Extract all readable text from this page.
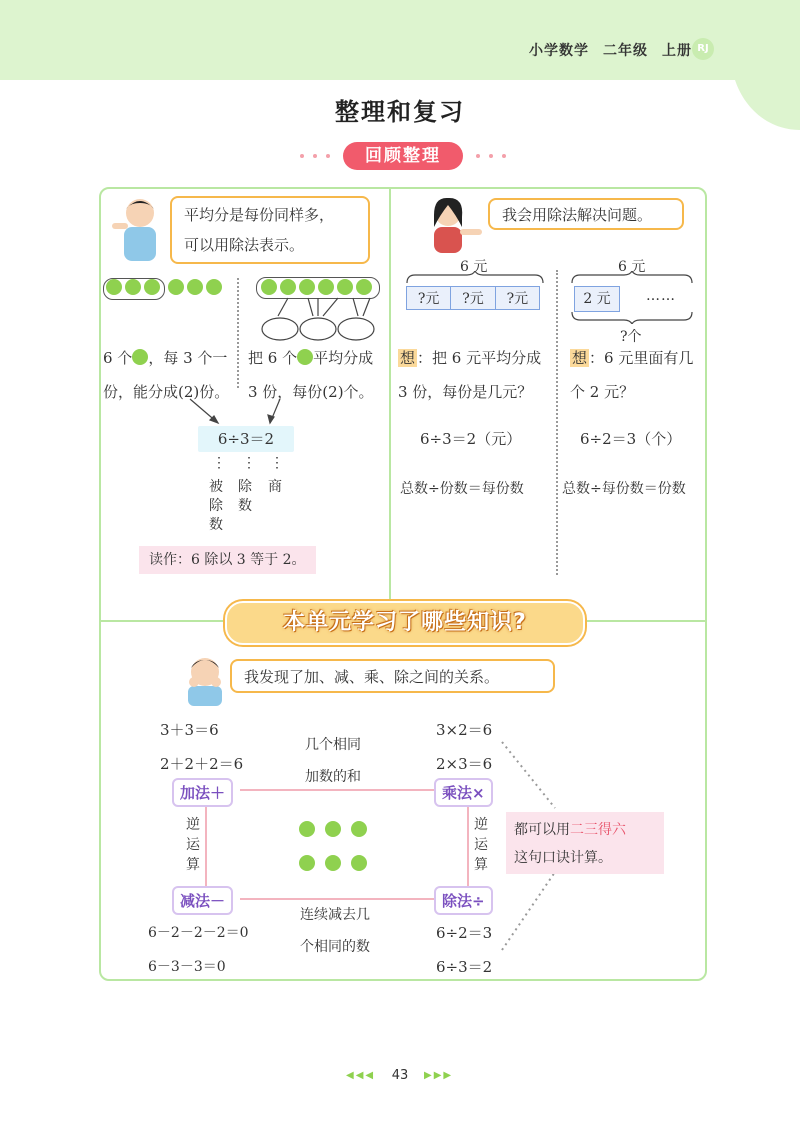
小学数学 二年级 上册 RJ
整理和复习
回顾整理
平均分是每份同样多，
可以用除法表示。
6 个 ，每 3 个一
份，能分成(2)份。
把 6 个 平均分成
3 份，每份(2)个。
6÷3＝2
⋮ ⋮ ⋮
被除数
除数
商
读作：6 除以 3 等于 2。
我会用除法解决问题。
6 元
?元	?元	?元
6 元
2 元	……
?个
想 ：把 6 元平均分成
3 份，每份是几元？
想 ：6 元里面有几
个 2 元？
6÷3＝2（元）	6÷2＝3（个）
总数÷份数＝每份数	总数÷每份数＝份数
本单元学习了哪些知识?
我发现了加、减、乘、除之间的关系。
3＋3＝6
2＋2＋2＝6
3×2＝6
2×3＝6
几个相同
加数的和
加法＋	乘法×
减法－	除法÷
逆
运
算
逆
运
算
连续减去几
个相同的数
6－2－2－2＝0
6－3－3＝0
6÷2＝3
6÷3＝2
都可以用二三得六
这句口诀计算。
◀◀◀	43	▶▶▶
